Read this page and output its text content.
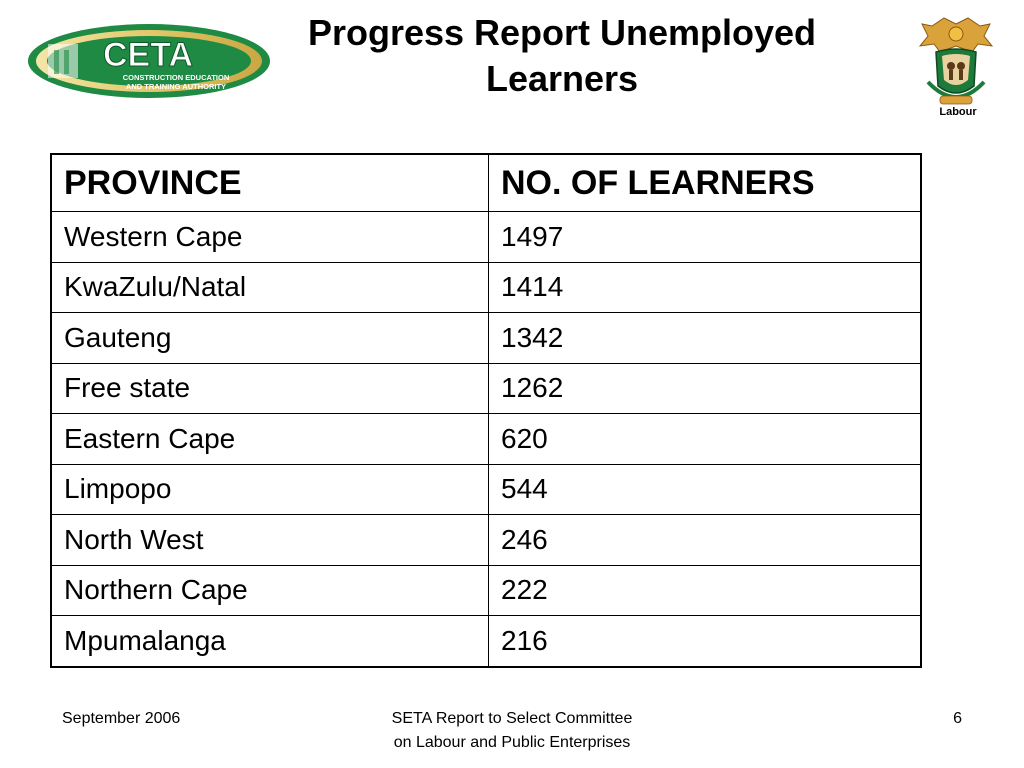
CETA
CONSTRUCTION EDUCATION
AND TRAINING AUTHORITY
Progress Report Unemployed
Learners
Labour
PROVINCE	NO. OF LEARNERS
Western Cape	1497
KwaZulu/Natal	1414
Gauteng	1342
Free state	1262
Eastern Cape	620
Limpopo	544
North West	246
Northern Cape	222
Mpumalanga	216
September 2006	SETA Report to Select Committee
on Labour and Public Enterprises
6
